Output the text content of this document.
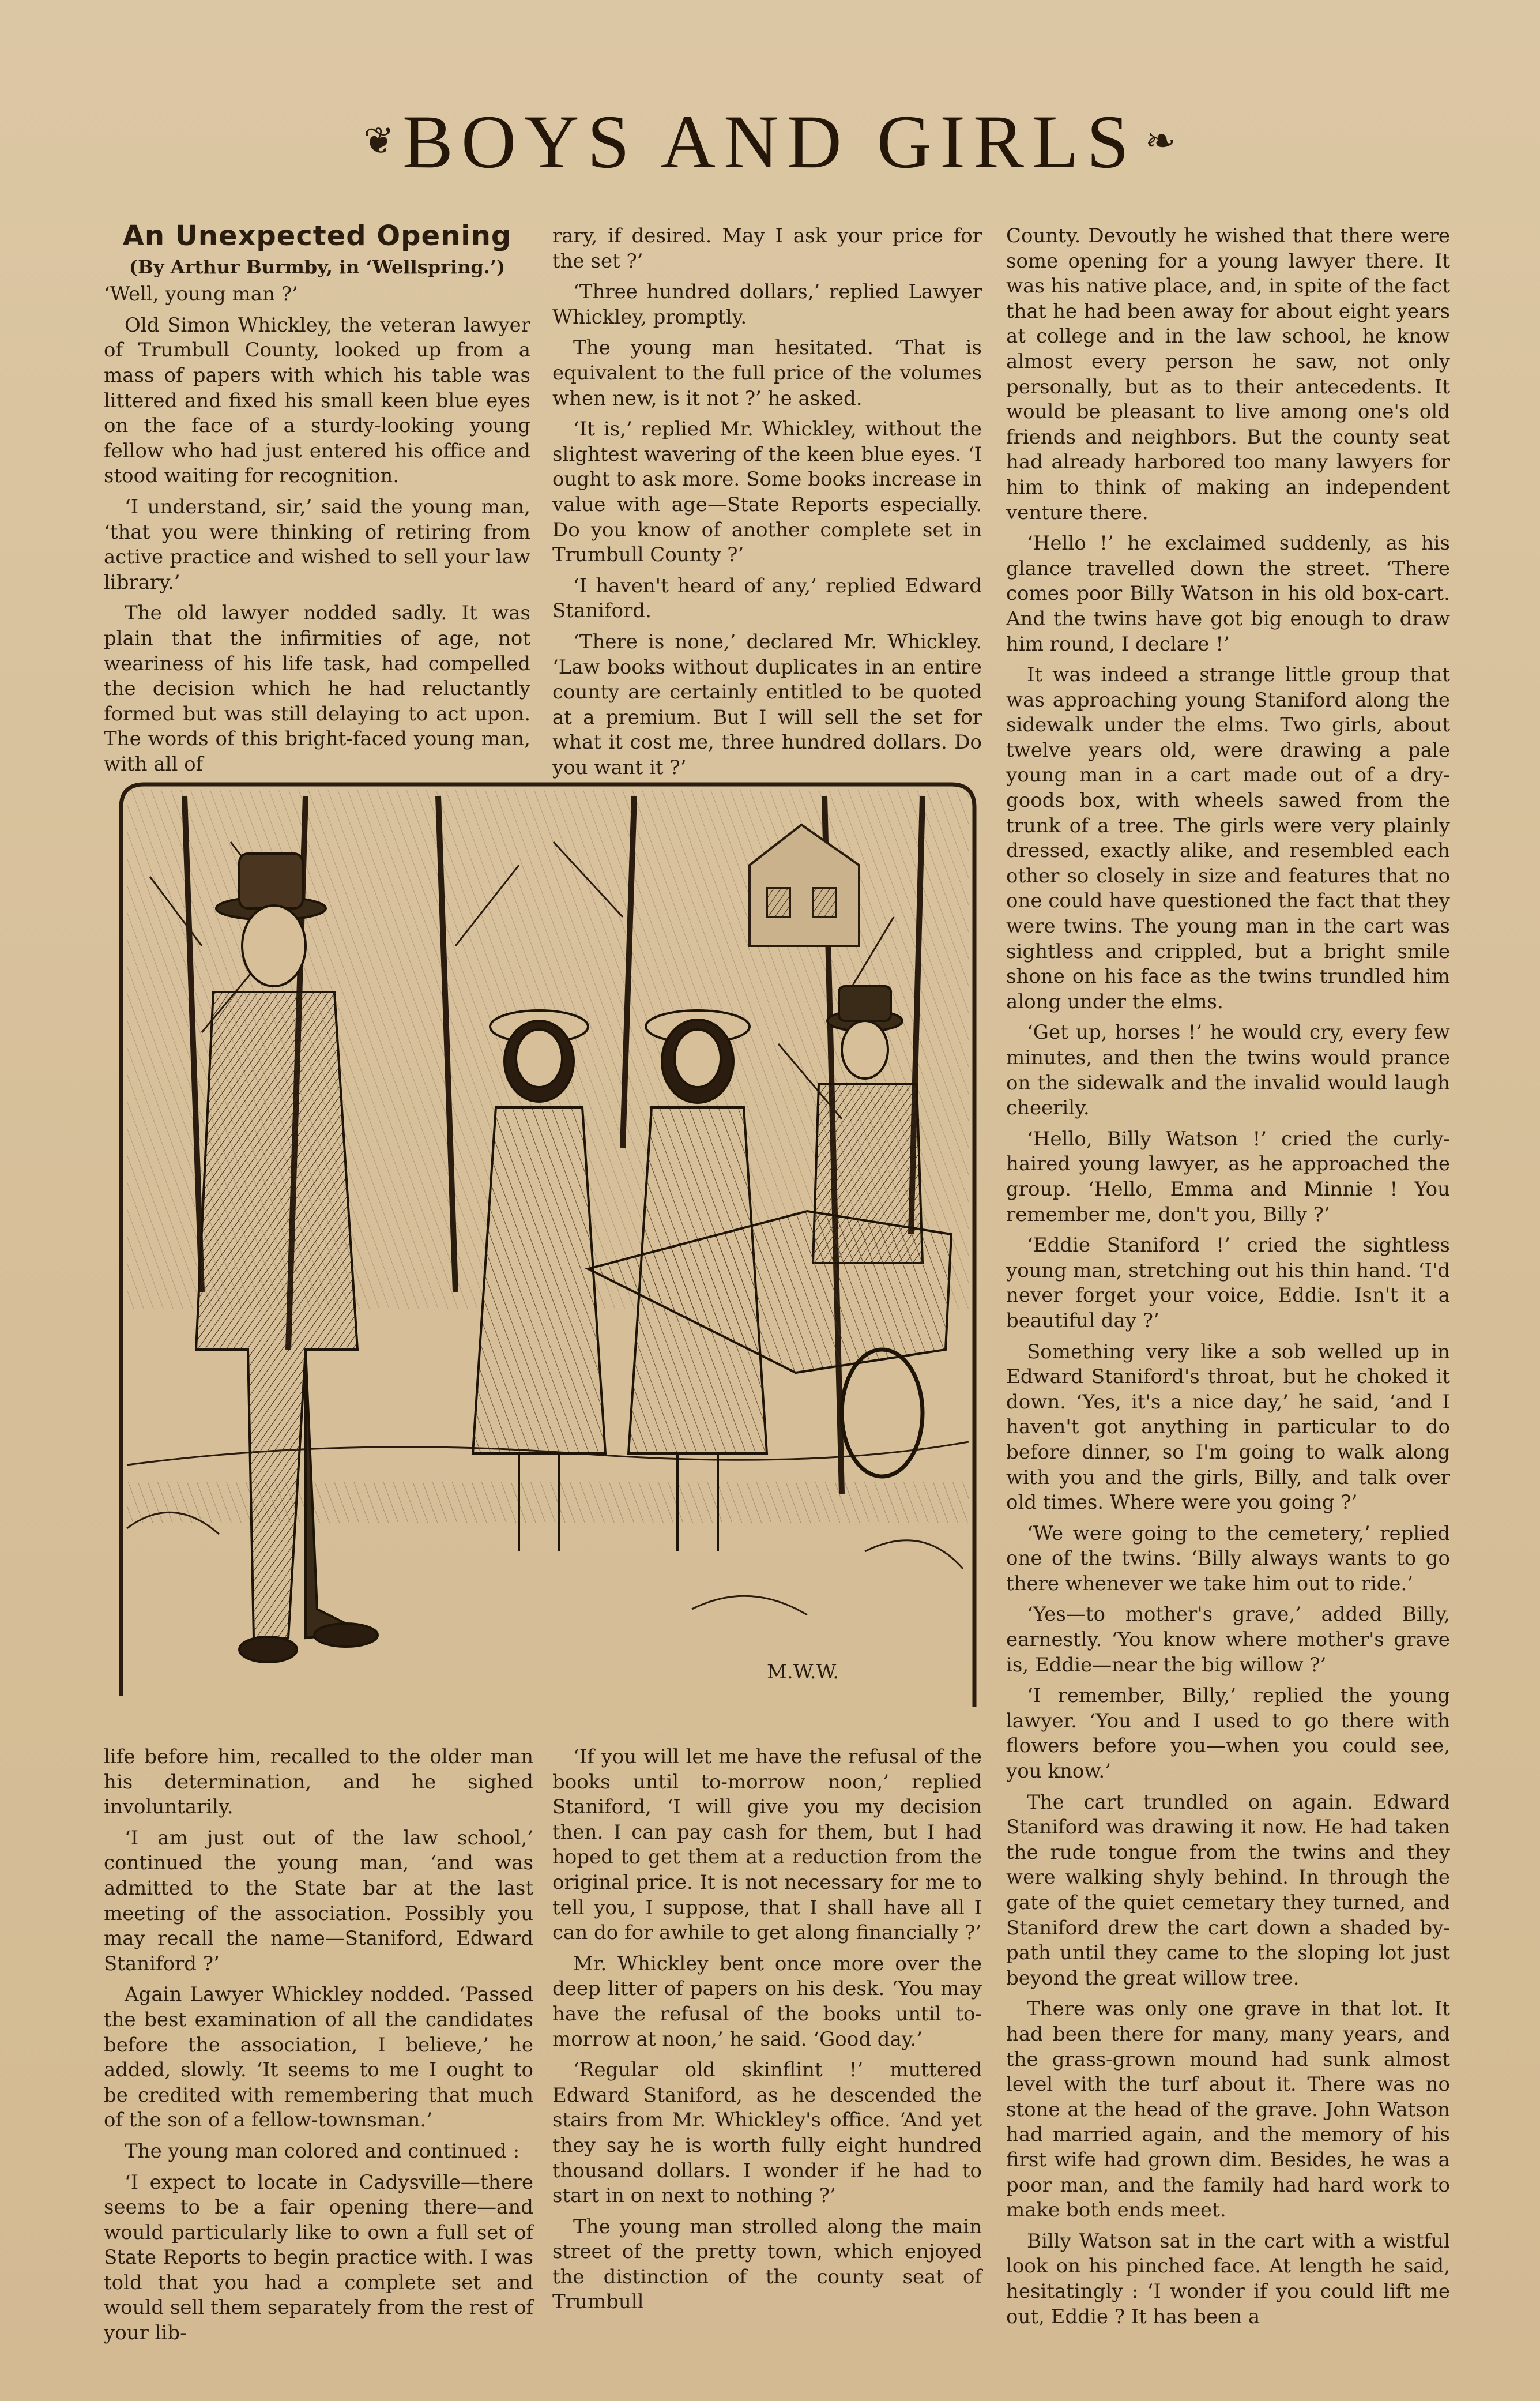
❦ BOYS AND GIRLS ❧
An Unexpected Opening
(By Arthur Burmby, in ‘Wellspring.’)

‘Well, young man ?’

Old Simon Whickley, the veteran lawyer of Trumbull County, looked up from a mass of papers with which his table was littered and fixed his small keen blue eyes on the face of a sturdy-looking young fellow who had just entered his office and stood waiting for recognition.

‘I understand, sir,’ said the young man, ‘that you were thinking of retiring from active practice and wished to sell your law library.’

The old lawyer nodded sadly. It was plain that the infirmities of age, not weariness of his life task, had compelled the decision which he had reluctantly formed but was still delaying to act upon. The words of this bright-faced young man, with all of

rary, if desired. May I ask your price for the set ?’

‘Three hundred dollars,’ replied Lawyer Whickley, promptly.

The young man hesitated. ‘That is equivalent to the full price of the volumes when new, is it not ?’ he asked.

‘It is,’ replied Mr. Whickley, without the slightest wavering of the keen blue eyes. ‘I ought to ask more. Some books increase in value with age—State Reports especially. Do you know of another complete set in Trumbull County ?’

‘I haven't heard of any,’ replied Edward Staniford.

‘There is none,’ declared Mr. Whickley. ‘Law books without duplicates in an entire county are certainly entitled to be quoted at a premium. But I will sell the set for what it cost me, three hundred dollars. Do you want it ?’

County. Devoutly he wished that there were some opening for a young lawyer there. It was his native place, and, in spite of the fact that he had been away for about eight years at college and in the law school, he know almost every person he saw, not only personally, but as to their antecedents. It would be pleasant to live among one's old friends and neighbors. But the county seat had already harbored too many lawyers for him to think of making an independent venture there.

‘Hello !’ he exclaimed suddenly, as his glance travelled down the street. ‘There comes poor Billy Watson in his old box-cart. And the twins have got big enough to draw him round, I declare !’

It was indeed a strange little group that was approaching young Staniford along the sidewalk under the elms. Two girls, about twelve years old, were drawing a pale young man in a cart made out of a dry-goods box, with wheels sawed from the trunk of a tree. The girls were very plainly dressed, exactly alike, and resembled each other so closely in size and features that no one could have questioned the fact that they were twins. The young man in the cart was sightless and crippled, but a bright smile shone on his face as the twins trundled him along under the elms.

‘Get up, horses !’ he would cry, every few minutes, and then the twins would prance on the sidewalk and the invalid would laugh cheerily.

‘Hello, Billy Watson !’ cried the curly-haired young lawyer, as he approached the group. ‘Hello, Emma and Minnie ! You remember me, don't you, Billy ?’

‘Eddie Staniford !’ cried the sightless young man, stretching out his thin hand. ‘I'd never forget your voice, Eddie. Isn't it a beautiful day ?’

Something very like a sob welled up in Edward Staniford's throat, but he choked it down. ‘Yes, it's a nice day,’ he said, ‘and I haven't got anything in particular to do before dinner, so I'm going to walk along with you and the girls, Billy, and talk over old times. Where were you going ?’

‘We were going to the cemetery,’ replied one of the twins. ‘Billy always wants to go there whenever we take him out to ride.’

‘Yes—to mother's grave,’ added Billy, earnestly. ‘You know where mother's grave is, Eddie—near the big willow ?’

‘I remember, Billy,’ replied the young lawyer. ‘You and I used to go there with flowers before you—when you could see, you know.’

The cart trundled on again. Edward Staniford was drawing it now. He had taken the rude tongue from the twins and they were walking shyly behind. In through the gate of the quiet cemetary they turned, and Staniford drew the cart down a shaded by-path until they came to the sloping lot just beyond the great willow tree.

There was only one grave in that lot. It had been there for many, many years, and the grass-grown mound had sunk almost level with the turf about it. There was no stone at the head of the grave. John Watson had married again, and the memory of his first wife had grown dim. Besides, he was a poor man, and the family had hard work to make both ends meet.

Billy Watson sat in the cart with a wistful look on his pinched face. At length he said, hesitatingly : ‘I wonder if you could lift me out, Eddie ? It has been a

M.W.W.

life before him, recalled to the older man his determination, and he sighed involuntarily.

‘I am just out of the law school,’ continued the young man, ‘and was admitted to the State bar at the last meeting of the association. Possibly you may recall the name—Staniford, Edward Staniford ?’

Again Lawyer Whickley nodded. ‘Passed the best examination of all the candidates before the association, I believe,’ he added, slowly. ‘It seems to me I ought to be credited with remembering that much of the son of a fellow-townsman.’

The young man colored and continued :

‘I expect to locate in Cadysville—there seems to be a fair opening there—and would particularly like to own a full set of State Reports to begin practice with. I was told that you had a complete set and would sell them separately from the rest of your lib-

‘If you will let me have the refusal of the books until to-morrow noon,’ replied Staniford, ‘I will give you my decision then. I can pay cash for them, but I had hoped to get them at a reduction from the original price. It is not necessary for me to tell you, I suppose, that I shall have all I can do for awhile to get along financially ?’

Mr. Whickley bent once more over the deep litter of papers on his desk. ‘You may have the refusal of the books until to-morrow at noon,’ he said. ‘Good day.’

‘Regular old skinflint !’ muttered Edward Staniford, as he descended the stairs from Mr. Whickley's office. ‘And yet they say he is worth fully eight hundred thousand dollars. I wonder if he had to start in on next to nothing ?’

The young man strolled along the main street of the pretty town, which enjoyed the distinction of the county seat of Trumbull
